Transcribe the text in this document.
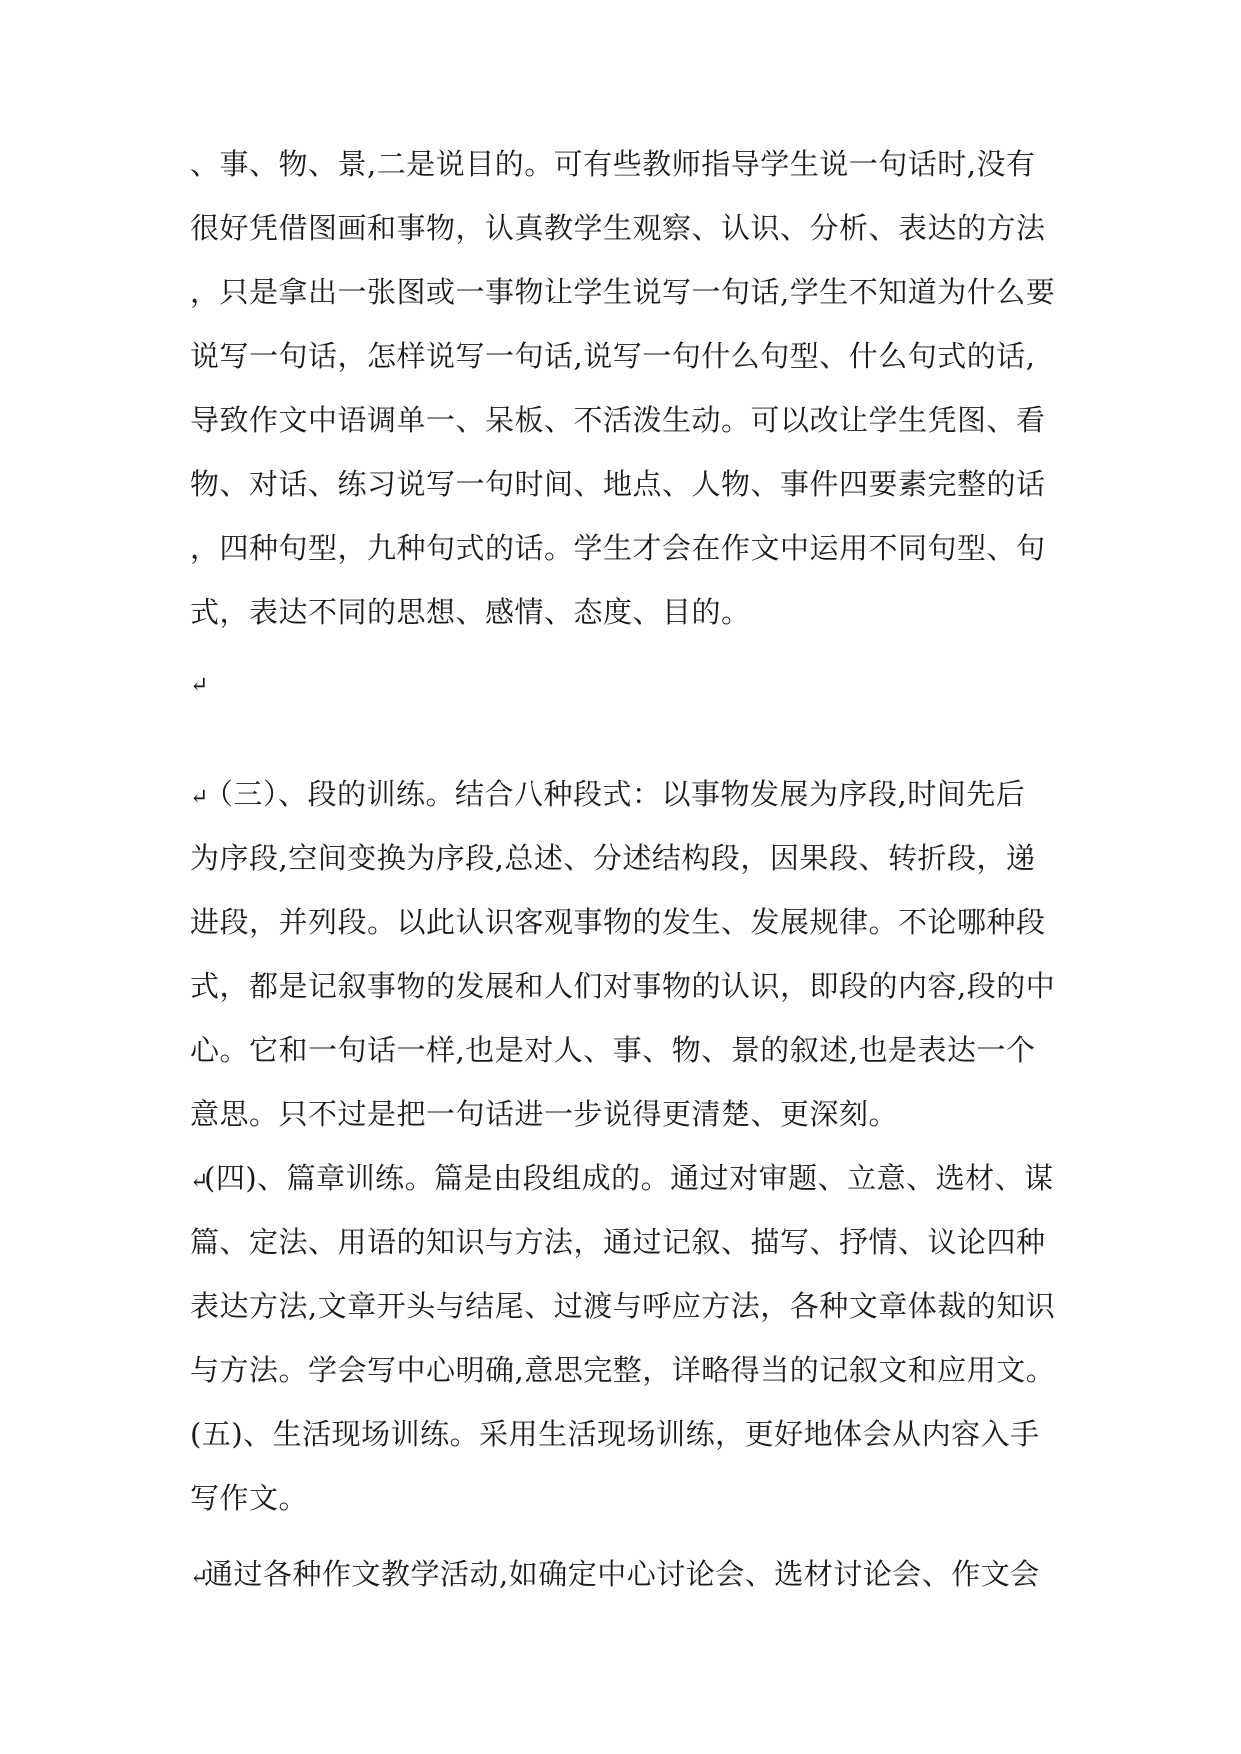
、事、物、景,二是说目的。可有些教师指导学生说一句话时,没有
很好凭借图画和事物，认真教学生观察、认识、分析、表达的方法
，只是拿出一张图或一事物让学生说写一句话,学生不知道为什么要
说写一句话，怎样说写一句话,说写一句什么句型、什么句式的话,
导致作文中语调单一、呆板、不活泼生动。可以改让学生凭图、看
物、对话、练习说写一句时间、地点、人物、事件四要素完整的话
，四种句型，九种句式的话。学生才会在作文中运用不同句型、句
式，表达不同的思想、感情、态度、目的。
↵
↵（三）、段的训练。结合八种段式：以事物发展为序段,时间先后
为序段,空间变换为序段,总述、分述结构段，因果段、转折段，递
进段，并列段。以此认识客观事物的发生、发展规律。不论哪种段
式，都是记叙事物的发展和人们对事物的认识，即段的内容,段的中
心。它和一句话一样,也是对人、事、物、景的叙述,也是表达一个
意思。只不过是把一句话进一步说得更清楚、更深刻。
↵(四)、篇章训练。篇是由段组成的。通过对审题、立意、选材、谋
篇、定法、用语的知识与方法，通过记叙、描写、抒情、议论四种
表达方法,文章开头与结尾、过渡与呼应方法，各种文章体裁的知识
与方法。学会写中心明确,意思完整，详略得当的记叙文和应用文。
(五)、生活现场训练。采用生活现场训练，更好地体会从内容入手
写作文。
↵通过各种作文教学活动,如确定中心讨论会、选材讨论会、作文会
